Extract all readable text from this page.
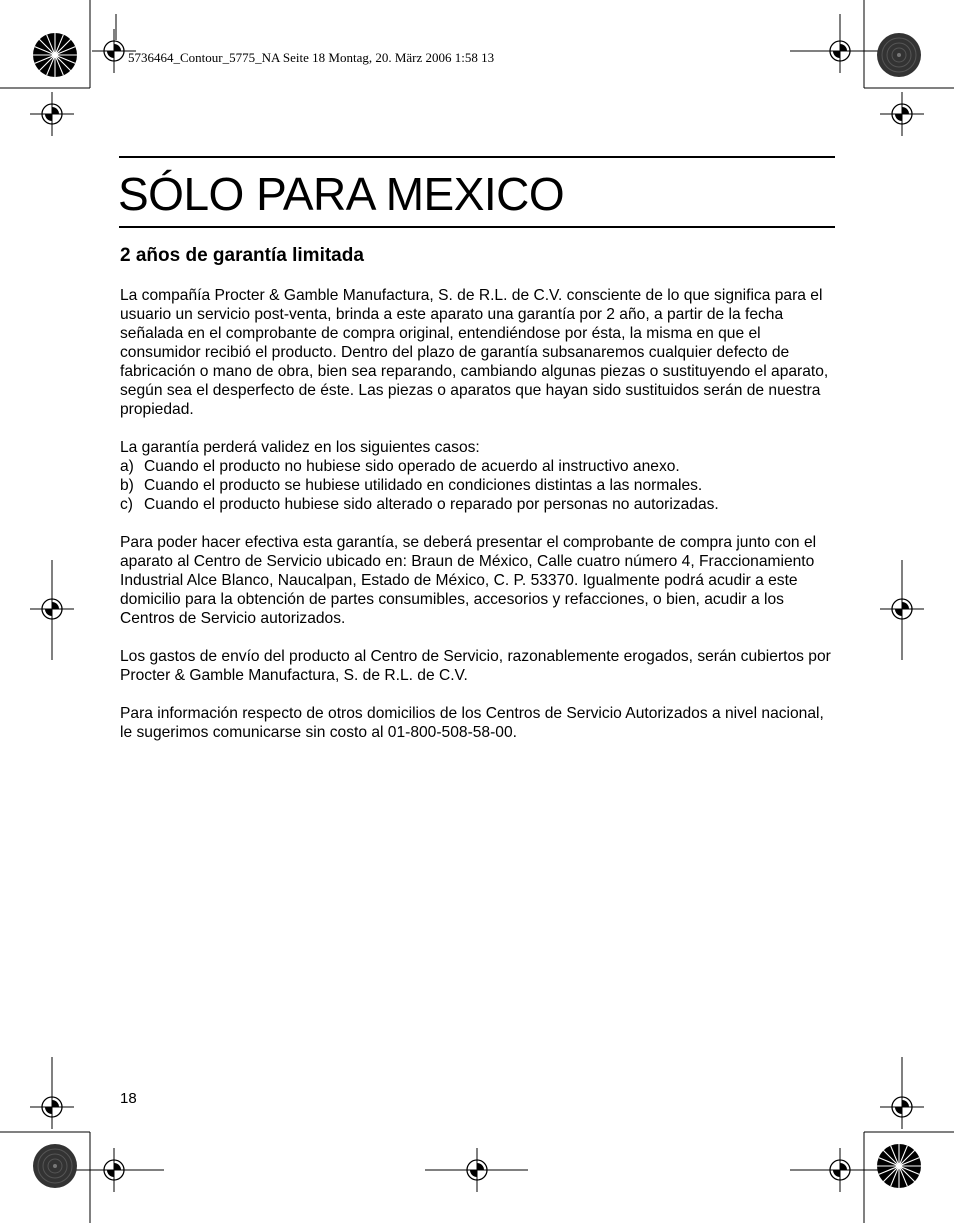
5736464_Contour_5775_NA Seite 18 Montag, 20. März 2006 1:58 13
SÓLO PARA MEXICO
2 años de garantía limitada

La compañía Procter & Gamble Manufactura, S. de R.L. de C.V. consciente de lo que significa para el usuario un servicio post-venta, brinda a este aparato una garantía por 2 año, a partir de la fecha señalada en el comprobante de compra original, entendiéndose por ésta, la misma en que el consumidor recibió el producto. Dentro del plazo de garantía subsanaremos cualquier defecto de fabricación o mano de obra, bien sea reparando, cambiando algunas piezas o sustituyendo el aparato, según sea el desperfecto de éste. Las piezas o aparatos que hayan sido sustituidos serán de nuestra propiedad.

La garantía perderá validez en los siguientes casos:
a) Cuando el producto no hubiese sido operado de acuerdo al instructivo anexo.
b) Cuando el producto se hubiese utilidado en condiciones distintas a las normales.
c) Cuando el producto hubiese sido alterado o reparado por personas no autorizadas.

Para poder hacer efectiva esta garantía, se deberá presentar el comprobante de compra junto con el aparato al Centro de Servicio ubicado en: Braun de México, Calle cuatro número 4, Fraccionamiento Industrial Alce Blanco, Naucalpan, Estado de México, C. P. 53370. Igualmente podrá acudir a este domicilio para la obtención de partes consumibles, accesorios y refacciones, o bien, acudir a los Centros de Servicio autorizados.

Los gastos de envío del producto al Centro de Servicio, razonablemente erogados, serán cubiertos por Procter & Gamble Manufactura, S. de R.L. de C.V.

Para información respecto de otros domicilios de los Centros de Servicio Autorizados a nivel nacional, le sugerimos comunicarse sin costo al 01-800-508-58-00.

18
